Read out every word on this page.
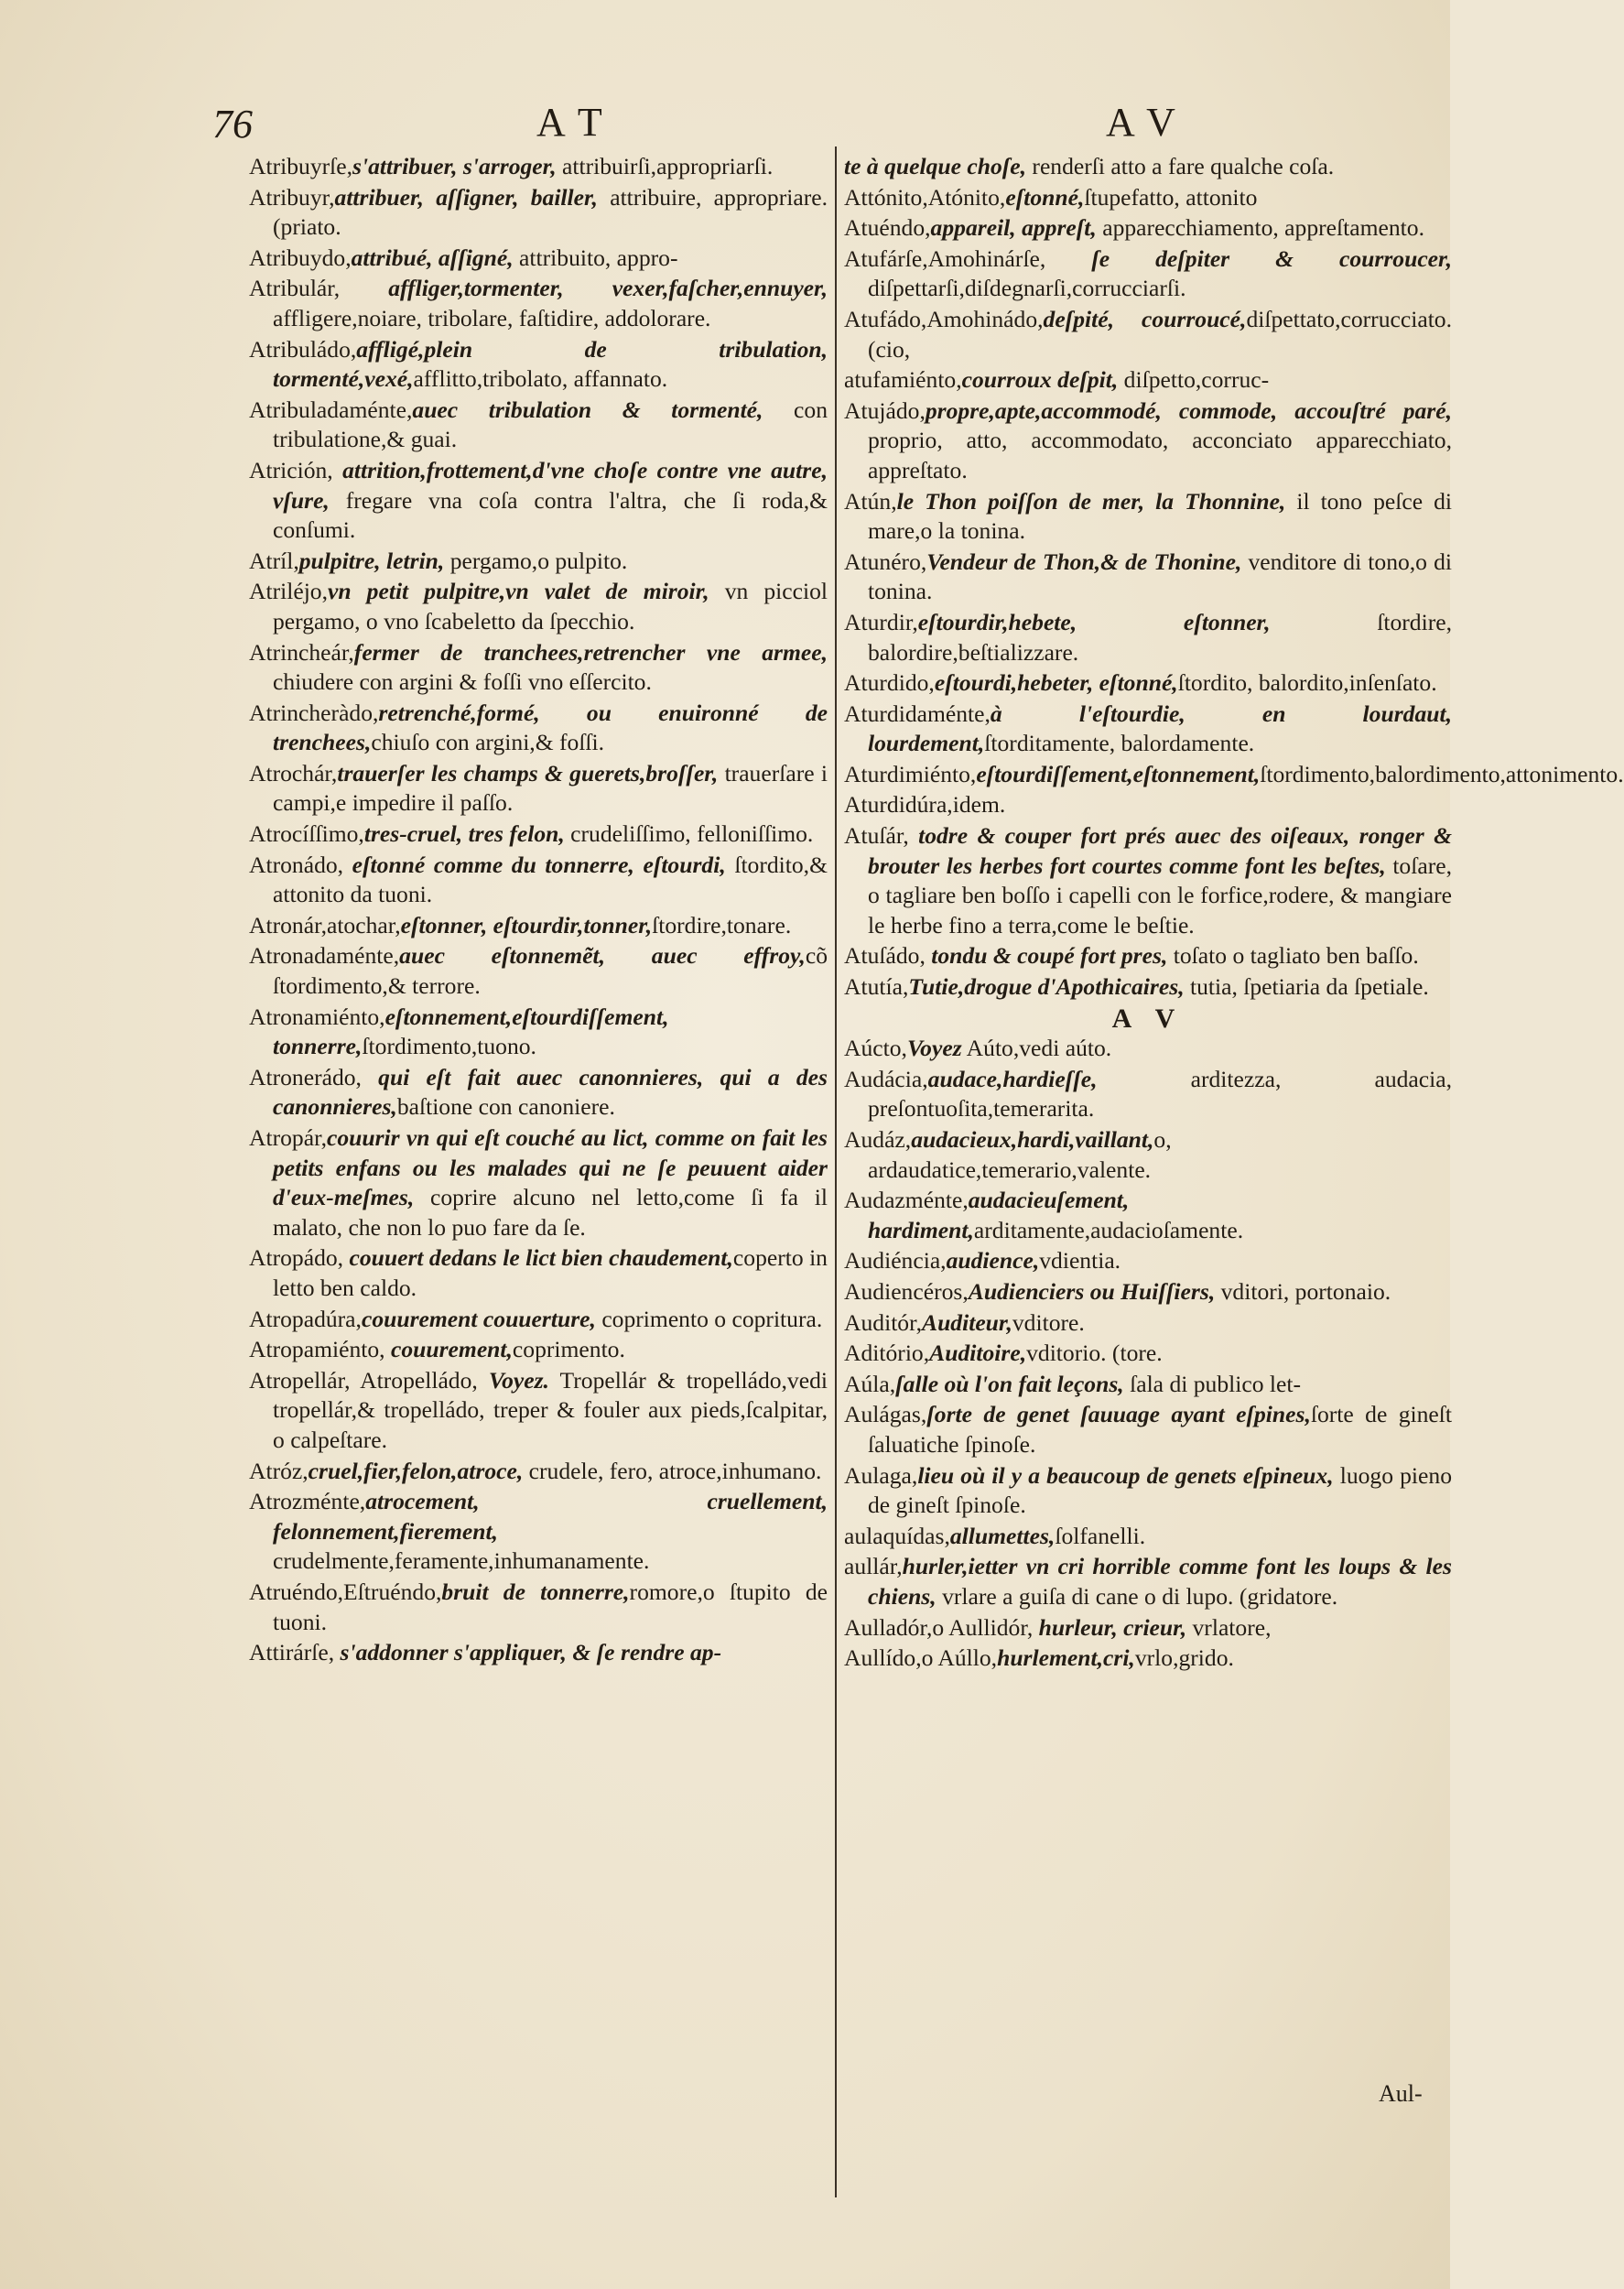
76	AT	AV

Atribuyrſe,s'attribuer, s'arroger, attribuirſi,appropriarſi.

Atribuyr,attribuer, aſſigner, bailler, attribuire, appropriare. (priato.

Atribuydo,attribué, aſſigné, attribuito, appro-

Atribulár, affliger,tormenter, vexer,faſcher,ennuyer, affligere,noiare, tribolare, faſtidire, addolorare.

Atribuládo,affligé,plein de tribulation, tormenté,vexé,afflitto,tribolato, affannato.

Atribuladaménte,auec tribulation & tormenté, con tribulatione,& guai.

Atrición, attrition,frottement,d'vne choſe contre vne autre, vſure, fregare vna coſa contra l'altra, che ſi roda,& conſumi.

Atríl,pulpitre, letrin, pergamo,o pulpito.

Atriléjo,vn petit pulpitre,vn valet de miroir, vn picciol pergamo, o vno ſcabeletto da ſpecchio.

Atrincheár,fermer de tranchees,retrencher vne armee, chiudere con argini & foſſi vno eſſercito.

Atrincheràdo,retrenché,formé, ou enuironné de trenchees,chiuſo con argini,& foſſi.

Atrochár,trauerſer les champs & guerets,broſſer, trauerſare i campi,e impedire il paſſo.

Atrocíſſimo,tres-cruel, tres felon, crudeliſſimo, felloniſſimo.

Atronádo, eſtonné comme du tonnerre, eſtourdi, ſtordito,& attonito da tuoni.

Atronár,atochar,eſtonner, eſtourdir,tonner,ſtordire,tonare.

Atronadaménte,auec eſtonnemẽt, auec effroy,cõ ſtordimento,& terrore.

Atronamiénto,eſtonnement,eſtourdiſſement, tonnerre,ſtordimento,tuono.

Atronerádo, qui eſt fait auec canonnieres, qui a des canonnieres,baſtione con canoniere.

Atropár,couurir vn qui eſt couché au lict, comme on fait les petits enfans ou les malades qui ne ſe peuuent aider d'eux-meſmes, coprire alcuno nel letto,come ſi fa il malato, che non lo puo fare da ſe.

Atropádo, couuert dedans le lict bien chaudement,coperto in letto ben caldo.

Atropadúra,couurement couuerture, coprimento o copritura.

Atropamiénto, couurement,coprimento.

Atropellár, Atropelládo, Voyez. Tropellár & tropelládo,vedi tropellár,& tropelládo, treper & fouler aux pieds,ſcalpitar, o calpeſtare.

Atróz,cruel,fier,felon,atroce, crudele, fero, atroce,inhumano.

Atrozménte,atrocement, cruellement, felonnement,fierement, crudelmente,feramente,inhumanamente.

Atruéndo,Eſtruéndo,bruit de tonnerre,romore,o ſtupito de tuoni.

Attirárſe, s'addonner s'appliquer, & ſe rendre ap-

te à quelque choſe, renderſi atto a fare qualche coſa.

Attónito,Atónito,eſtonné,ſtupefatto, attonito

Atuéndo,appareil, appreſt, apparecchiamento, appreſtamento.

Atufárſe,Amohinárſe, ſe deſpiter & courroucer, diſpettarſi,diſdegnarſi,corrucciarſi.

Atufádo,Amohinádo,deſpité, courroucé,diſpettato,corrucciato. (cio,

atufamiénto,courroux deſpit, diſpetto,corruc-

Atujádo,propre,apte,accommodé, commode, accouſtré paré, proprio, atto, accommodato, acconciato apparecchiato, appreſtato.

Atún,le Thon poiſſon de mer, la Thonnine, il tono peſce di mare,o la tonina.

Atunéro,Vendeur de Thon,& de Thonine, venditore di tono,o di tonina.

Aturdir,eſtourdir,hebete, eſtonner, ſtordire, balordire,beſtializzare.

Aturdido,eſtourdi,hebeter, eſtonné,ſtordito, balordito,inſenſato.

Aturdidaménte,à l'eſtourdie, en lourdaut, lourdement,ſtorditamente, balordamente.

Aturdimiénto,eſtourdiſſement,eſtonnement,ſtordimento,balordimento,attonimento.

Aturdidúra,idem.

Atuſár, todre & couper fort prés auec des oiſeaux, ronger & brouter les herbes fort courtes comme font les beſtes, toſare, o tagliare ben boſſo i capelli con le forfice,rodere, & mangiare le herbe fino a terra,come le beſtie.

Atuſádo, tondu & coupé fort pres, toſato o tagliato ben baſſo.

Atutía,Tutie,drogue d'Apothicaires, tutia, ſpetiaria da ſpetiale.

A V

Aúcto,Voyez Aúto,vedi aúto.

Audácia,audace,hardieſſe, arditezza, audacia, preſontuoſita,temerarita.

Audáz,audacieux,hardi,vaillant,o, ardaudatice,temerario,valente.

Audazménte,audacieuſement, hardiment,arditamente,audacioſamente.

Audiéncia,audience,vdientia.

Audiencéros,Audienciers ou Huiſſiers, vditori, portonaio.

Auditór,Auditeur,vditore.

Aditório,Auditoire,vditorio. (tore.

Aúla,ſalle où l'on fait leçons, ſala di publico let-

Aulágas,ſorte de genet ſauuage ayant eſpines,ſorte de gineſt ſaluatiche ſpinoſe.

Aulaga,lieu où il y a beaucoup de genets eſpineux, luogo pieno de gineſt ſpinoſe.

aulaquídas,allumettes,ſolfanelli.

aullár,hurler,ietter vn cri horrible comme font les loups & les chiens, vrlare a guiſa di cane o di lupo. (gridatore.

Aulladór,o Aullidór, hurleur, crieur, vrlatore,

Aullído,o Aúllo,hurlement,cri,vrlo,grido.

Aul-
